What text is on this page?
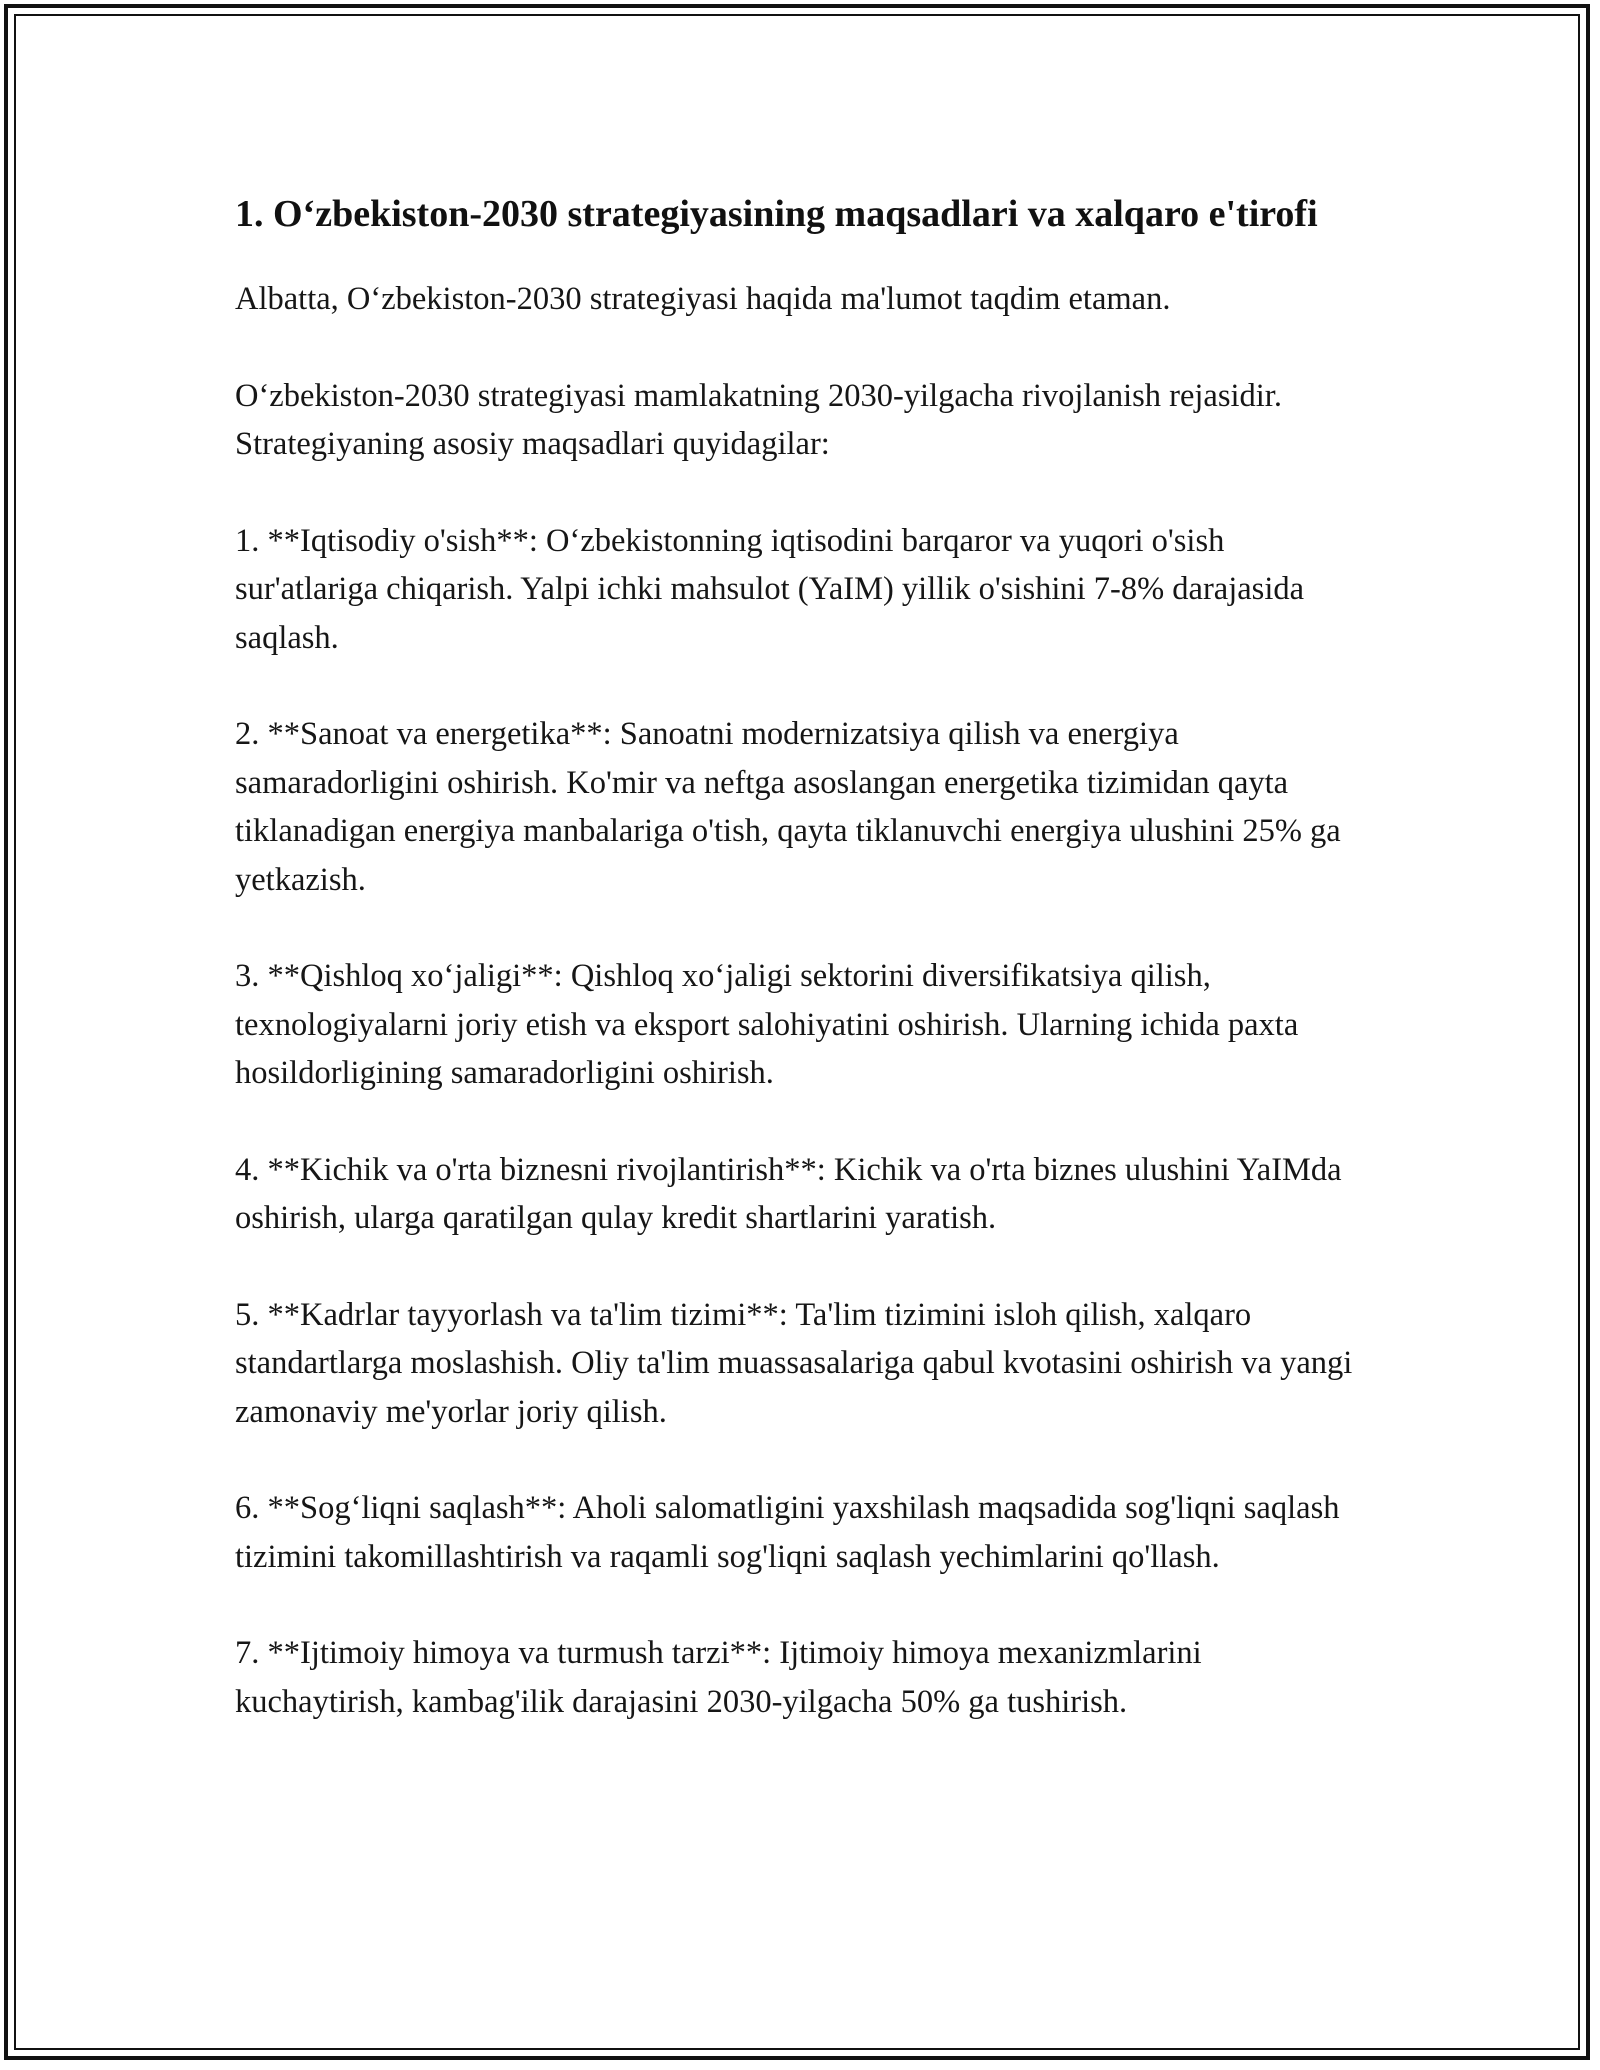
1. O‘zbekiston-2030 strategiyasining maqsadlari va xalqaro e'tirofi

Albatta, O‘zbekiston-2030 strategiyasi haqida ma'lumot taqdim etaman.

O‘zbekiston-2030 strategiyasi mamlakatning 2030-yilgacha rivojlanish rejasidir. Strategiyaning asosiy maqsadlari quyidagilar:

1. **Iqtisodiy o'sish**: O‘zbekistonning iqtisodini barqaror va yuqori o'sish sur'atlariga chiqarish. Yalpi ichki mahsulot (YaIM) yillik o'sishini 7-8% darajasida saqlash.

2. **Sanoat va energetika**: Sanoatni modernizatsiya qilish va energiya samaradorligini oshirish. Ko'mir va neftga asoslangan energetika tizimidan qayta tiklanadigan energiya manbalariga o'tish, qayta tiklanuvchi energiya ulushini 25% ga yetkazish.

3. **Qishloq xo‘jaligi**: Qishloq xo‘jaligi sektorini diversifikatsiya qilish, texnologiyalarni joriy etish va eksport salohiyatini oshirish. Ularning ichida paxta hosildorligining samaradorligini oshirish.

4. **Kichik va o'rta biznesni rivojlantirish**: Kichik va o'rta biznes ulushini YaIMda oshirish, ularga qaratilgan qulay kredit shartlarini yaratish.

5. **Kadrlar tayyorlash va ta'lim tizimi**: Ta'lim tizimini isloh qilish, xalqaro standartlarga moslashish. Oliy ta'lim muassasalariga qabul kvotasini oshirish va yangi zamonaviy me'yorlar joriy qilish.

6. **Sog‘liqni saqlash**: Aholi salomatligini yaxshilash maqsadida sog'liqni saqlash tizimini takomillashtirish va raqamli sog'liqni saqlash yechimlarini qo'llash.

7. **Ijtimoiy himoya va turmush tarzi**: Ijtimoiy himoya mexanizmlarini kuchaytirish, kambag'ilik darajasini 2030-yilgacha 50% ga tushirish.
